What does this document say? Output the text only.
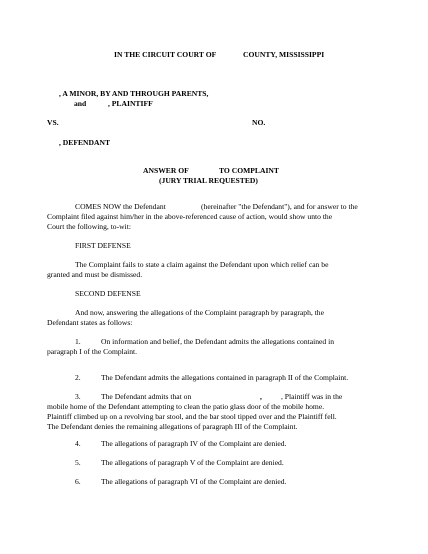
IN THE CIRCUIT COURT OF	COUNTY, MISSISSIPPI
, A MINOR, BY AND THROUGH PARENTS,
and	, PLAINTIFF
VS.	NO.
, DEFENDANT
ANSWER OF	TO COMPLAINT
(JURY TRIAL REQUESTED)
COMES NOW the Defendant	(hereinafter "the Defendant"), and for answer to the
Complaint filed against him/her in the above-referenced cause of action, would show unto the
Court the following, to-wit:
FIRST DEFENSE
The Complaint fails to state a claim against the Defendant upon which relief can be
granted and must be dismissed.
SECOND DEFENSE
And now, answering the allegations of the Complaint paragraph by paragraph, the
Defendant states as follows:
1.	On information and belief, the Defendant admits the allegations contained in
paragraph I of the Complaint.
2.	The Defendant admits the allegations contained in paragraph II of the Complaint.
3.	The Defendant admits that on	,	, Plaintiff was in the
mobile home of the Defendant attempting to clean the patio glass door of the mobile home.
Plaintiff climbed up on a revolving bar stool, and the bar stool tipped over and the Plaintiff fell.
The Defendant denies the remaining allegations of paragraph III of the Complaint.
4.	The allegations of paragraph IV of the Complaint are denied.
5.	The allegations of paragraph V of the Complaint are denied.
6.	The allegations of paragraph VI of the Complaint are denied.
